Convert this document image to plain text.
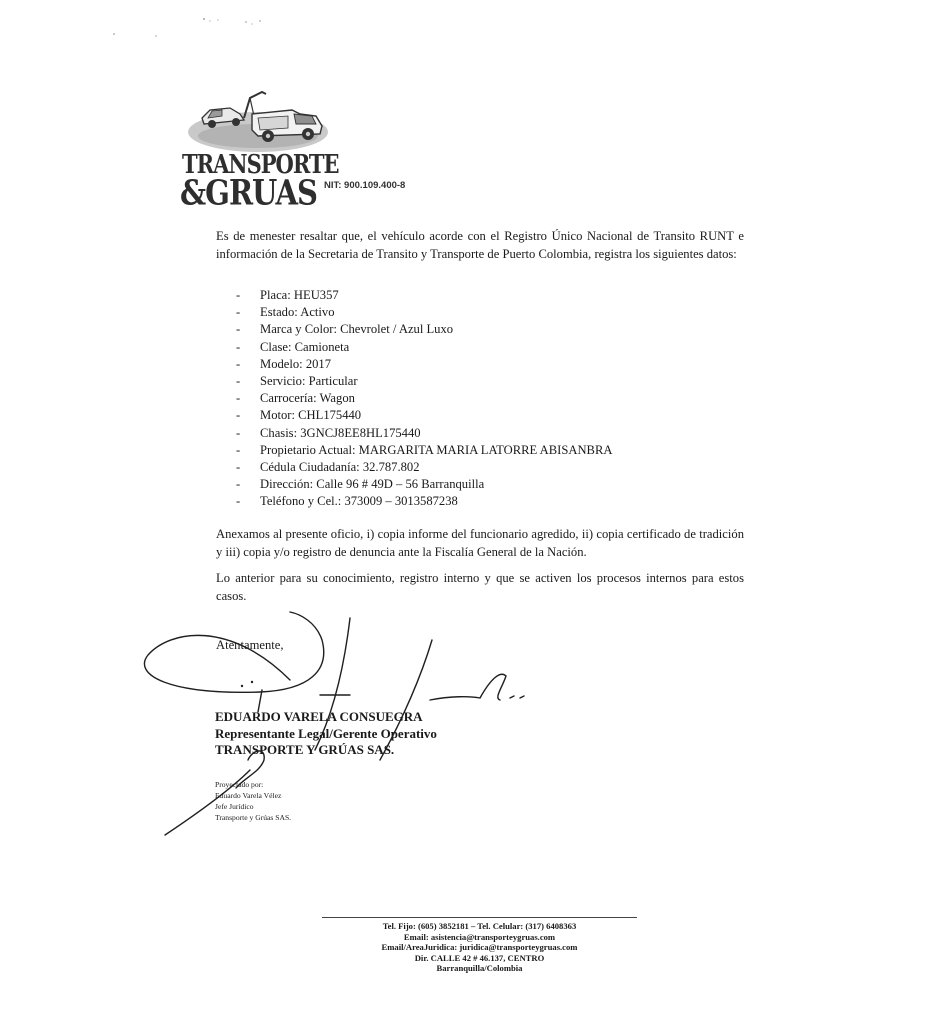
TRANSPORTE
&GRUAS NIT: 900.109.400-8

Es de menester resaltar que, el vehículo acorde con el Registro Único Nacional de Transito RUNT e información de la Secretaria de Transito y Transporte de Puerto Colombia, registra los siguientes datos:

- Placa: HEU357
- Estado: Activo
- Marca y Color: Chevrolet / Azul Luxo
- Clase: Camioneta
- Modelo: 2017
- Servicio: Particular
- Carrocería: Wagon
- Motor: CHL175440
- Chasis: 3GNCJ8EE8HL175440
- Propietario Actual: MARGARITA MARIA LATORRE ABISANBRA
- Cédula Ciudadanía: 32.787.802
- Dirección: Calle 96 # 49D – 56 Barranquilla
- Teléfono y Cel.: 373009 – 3013587238

Anexamos al presente oficio, i) copia informe del funcionario agredido, ii) copia certificado de tradición y iii) copia y/o registro de denuncia ante la Fiscalía General de la Nación.

Lo anterior para su conocimiento, registro interno y que se activen los procesos internos para estos casos.

Atentamente,
EDUARDO VARELA CONSUEGRA
Representante Legal/Gerente Operativo
TRANSPORTE Y GRÚAS SAS.
Proyectado por:
Eduardo Varela Vélez
Jefe Jurídico
Transporte y Grúas SAS.
Tel. Fijo: (605) 3852181 – Tel. Celular: (317) 6408363
Email: asistencia@transporteygruas.com
Email/AreaJuridica: juridica@transporteygruas.com
Dir. CALLE 42 # 46.137, CENTRO
Barranquilla/Colombia
